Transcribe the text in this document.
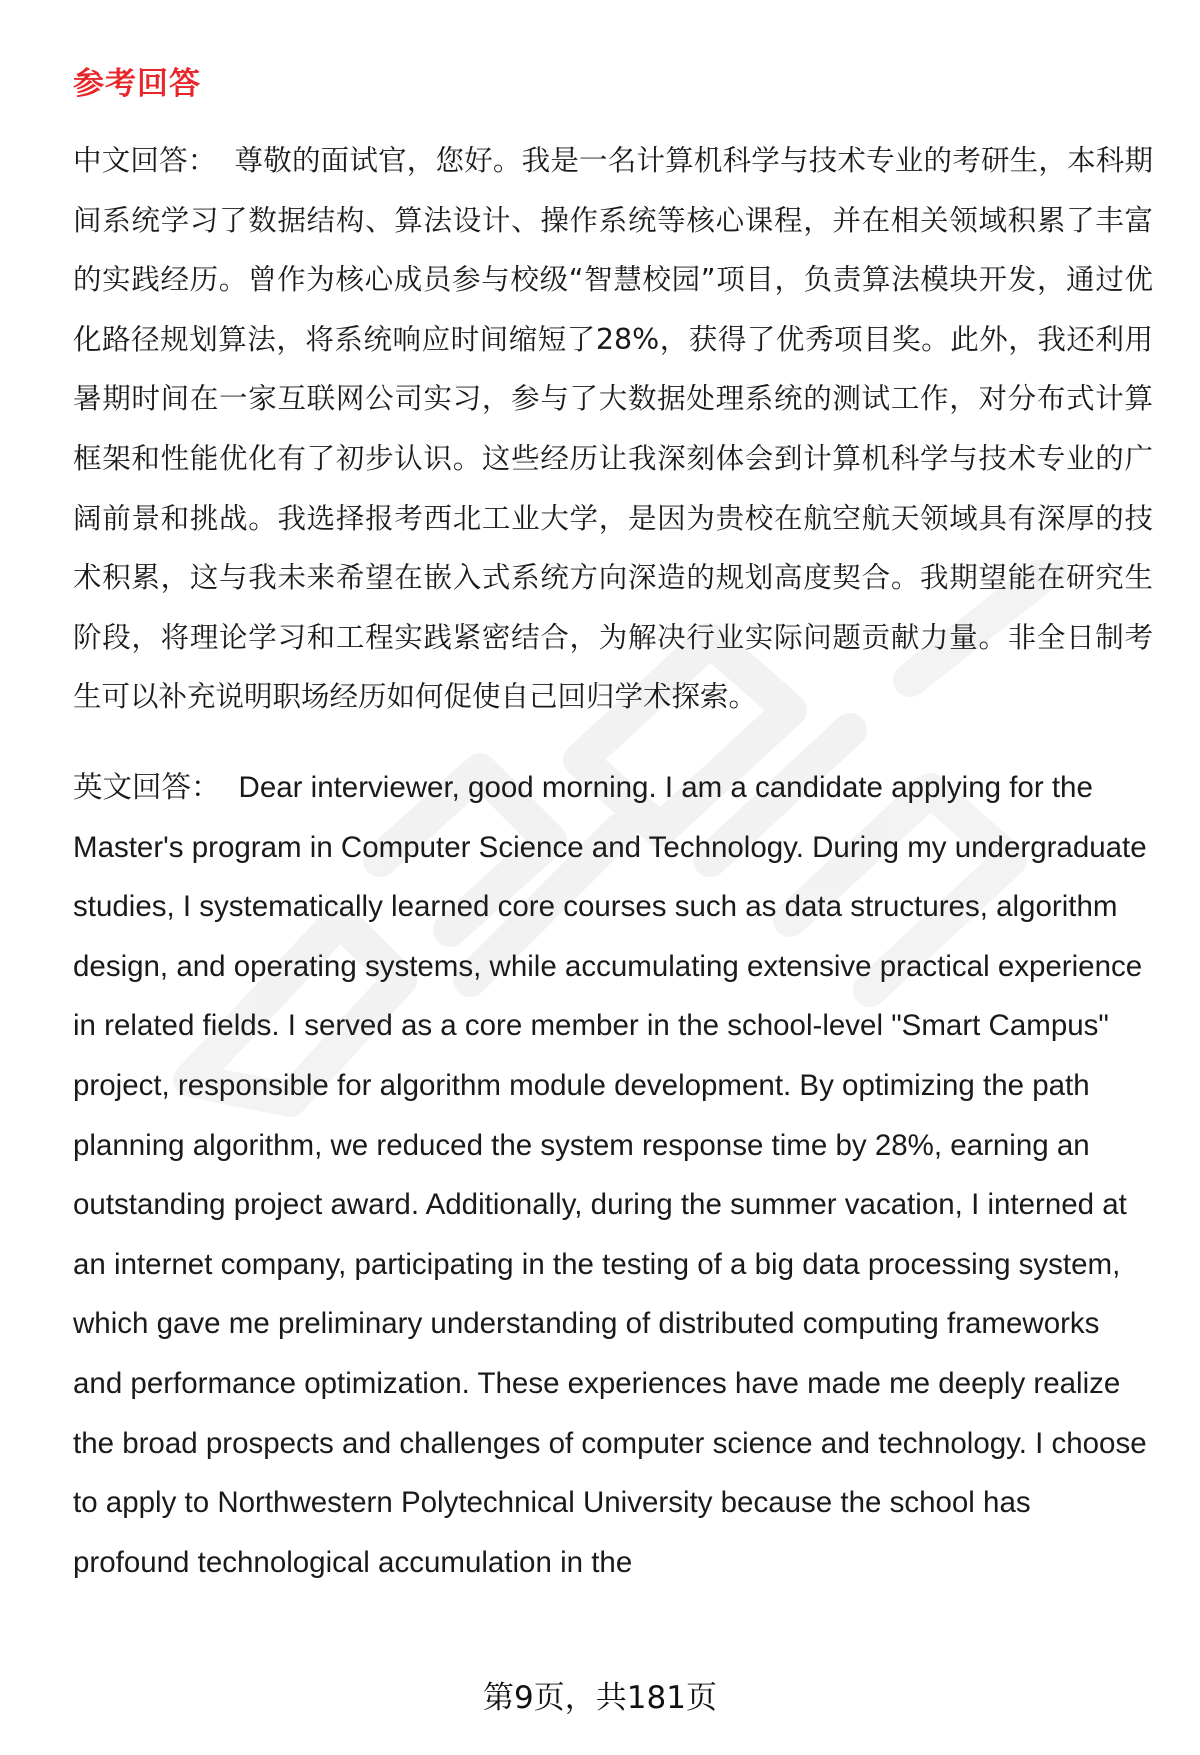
参考回答

中文回答： 尊敬的面试官，您好。我是一名计算机科学与技术专业的考研生，本科期间系统学习了数据结构、算法设计、操作系统等核心课程，并在相关领域积累了丰富的实践经历。曾作为核心成员参与校级“智慧校园”项目，负责算法模块开发，通过优化路径规划算法，将系统响应时间缩短了28%，获得了优秀项目奖。此外，我还利用暑期时间在一家互联网公司实习，参与了大数据处理系统的测试工作，对分布式计算框架和性能优化有了初步认识。这些经历让我深刻体会到计算机科学与技术专业的广阔前景和挑战。我选择报考西北工业大学，是因为贵校在航空航天领域具有深厚的技术积累，这与我未来希望在嵌入式系统方向深造的规划高度契合。我期望能在研究生阶段，将理论学习和工程实践紧密结合，为解决行业实际问题贡献力量。非全日制考生可以补充说明职场经历如何促使自己回归学术探索。

英文回答： Dear interviewer, good morning. I am a candidate applying for the Master's program in Computer Science and Technology. During my undergraduate studies, I systematically learned core courses such as data structures, algorithm design, and operating systems, while accumulating extensive practical experience in related fields. I served as a core member in the school-level "Smart Campus" project, responsible for algorithm module development. By optimizing the path planning algorithm, we reduced the system response time by 28%, earning an outstanding project award. Additionally, during the summer vacation, I interned at an internet company, participating in the testing of a big data processing system, which gave me preliminary understanding of distributed computing frameworks and performance optimization. These experiences have made me deeply realize the broad prospects and challenges of computer science and technology. I choose to apply to Northwestern Polytechnical University because the school has profound technological accumulation in the

第9页，共181页
